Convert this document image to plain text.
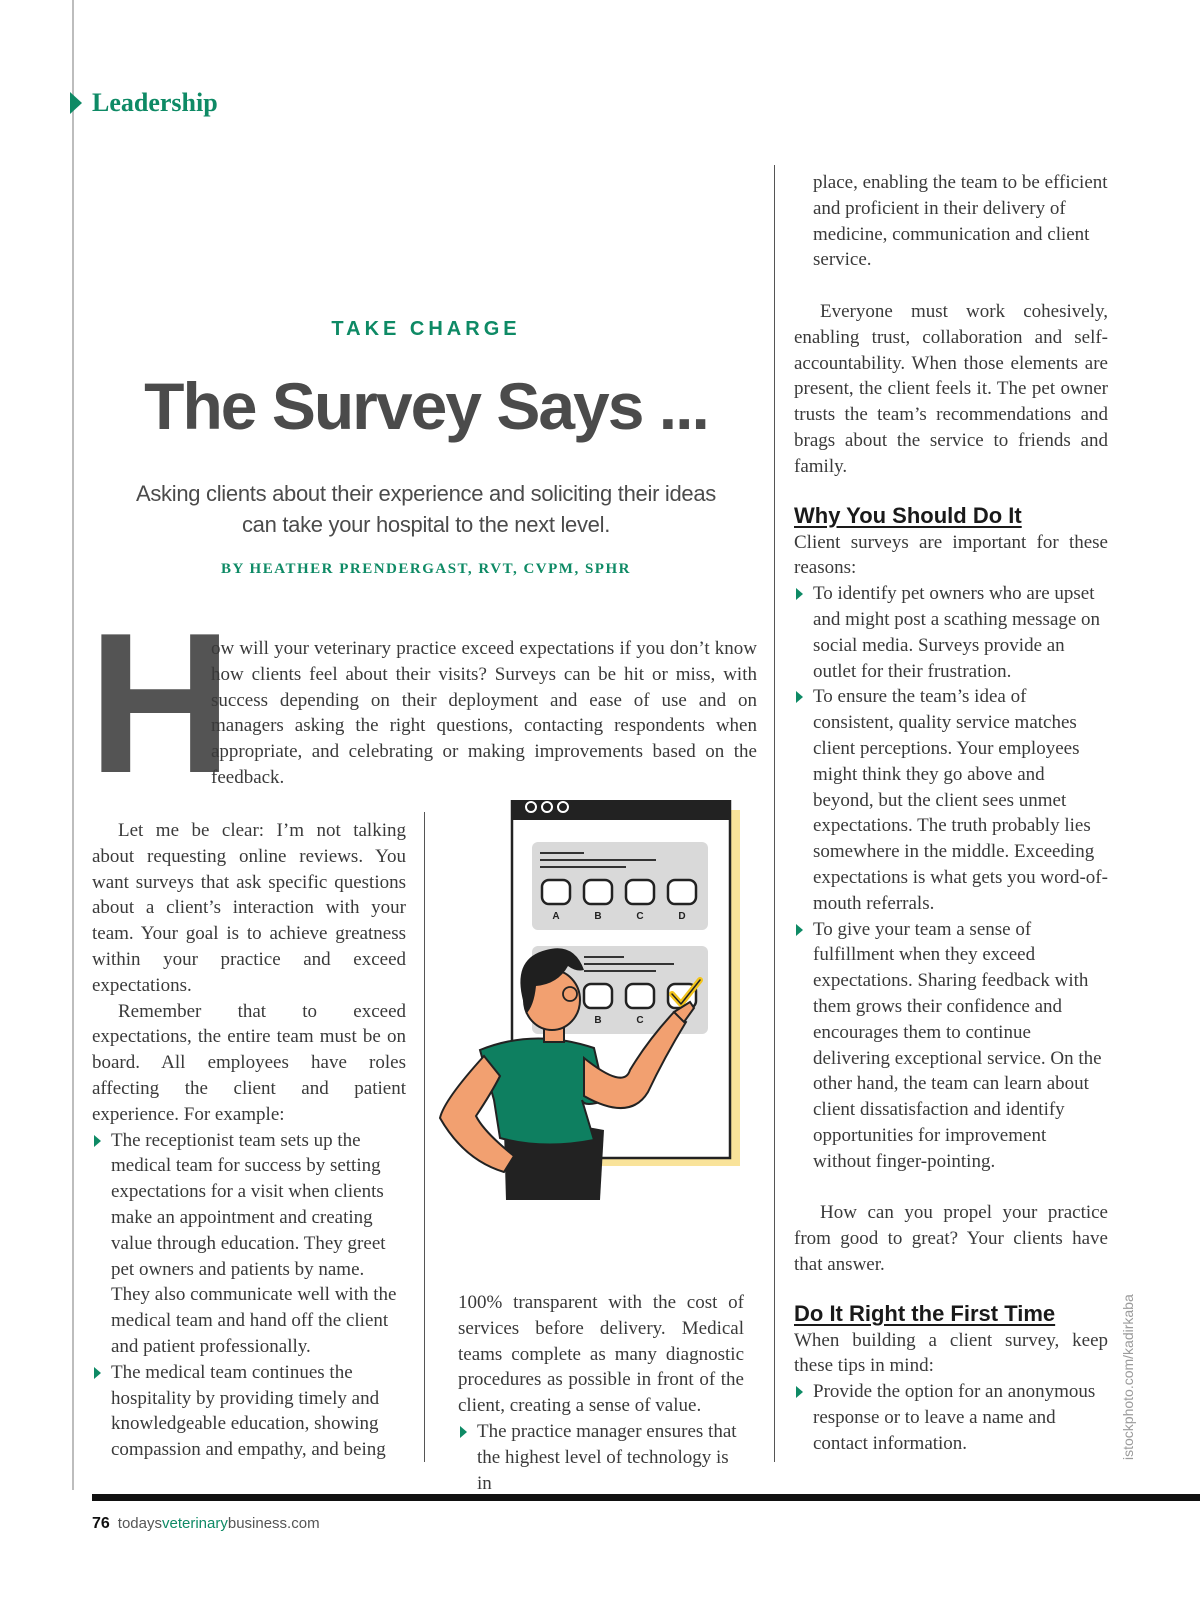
Leadership
TAKE CHARGE
The Survey Says ...
Asking clients about their experience and soliciting their ideas can take your hospital to the next level.
BY HEATHER PRENDERGAST, RVT, CVPM, SPHR
H
ow will your veterinary practice exceed expectations if you don’t know how clients feel about their visits? Surveys can be hit or miss, with success depending on their deployment and ease of use and on managers asking the right questions, contacting respondents when appropriate, and celebrating or making improvements based on the feedback.

Let me be clear: I’m not talking about requesting online reviews. You want surveys that ask specific questions about a client’s interaction with your team. Your goal is to achieve greatness within your practice and exceed expectations.

Remember that to exceed expectations, the entire team must be on board. All employees have roles affecting the client and patient experience. For example:

The receptionist team sets up the medical team for success by setting expectations for a visit when clients make an appointment and creating value through education. They greet pet owners and patients by name. They also communicate well with the medical team and hand off the client and patient professionally.
The medical team continues the hospitality by providing timely and knowledgeable education, showing compassion and empathy, and being
A	B	C	D
B	C

100% transparent with the cost of services before delivery. Medical teams complete as many diagnostic procedures as possible in front of the client, creating a sense of value.

The practice manager ensures that the highest level of technology is in

place, enabling the team to be efficient and proficient in their delivery of medicine, communication and client service.

Everyone must work cohesively, enabling trust, collaboration and self-accountability. When those elements are present, the client feels it. The pet owner trusts the team’s recommendations and brags about the service to friends and family.

Why You Should Do It

Client surveys are important for these reasons:

To identify pet owners who are upset and might post a scathing message on social media. Surveys provide an outlet for their frustration.
To ensure the team’s idea of consistent, quality service matches client perceptions. Your employees might think they go above and beyond, but the client sees unmet expectations. The truth probably lies somewhere in the middle. Exceeding expectations is what gets you word-of-mouth referrals.
To give your team a sense of fulfillment when they exceed expectations. Sharing feedback with them grows their confidence and encourages them to continue delivering exceptional service. On the other hand, the team can learn about client dissatisfaction and identify opportunities for improvement without finger-pointing.

How can you propel your practice from good to great? Your clients have that answer.

Do It Right the First Time

When building a client survey, keep these tips in mind:

Provide the option for an anonymous response or to leave a name and contact information.	istockphoto.com/kadirkaba
76 todaysveterinarybusiness.com
